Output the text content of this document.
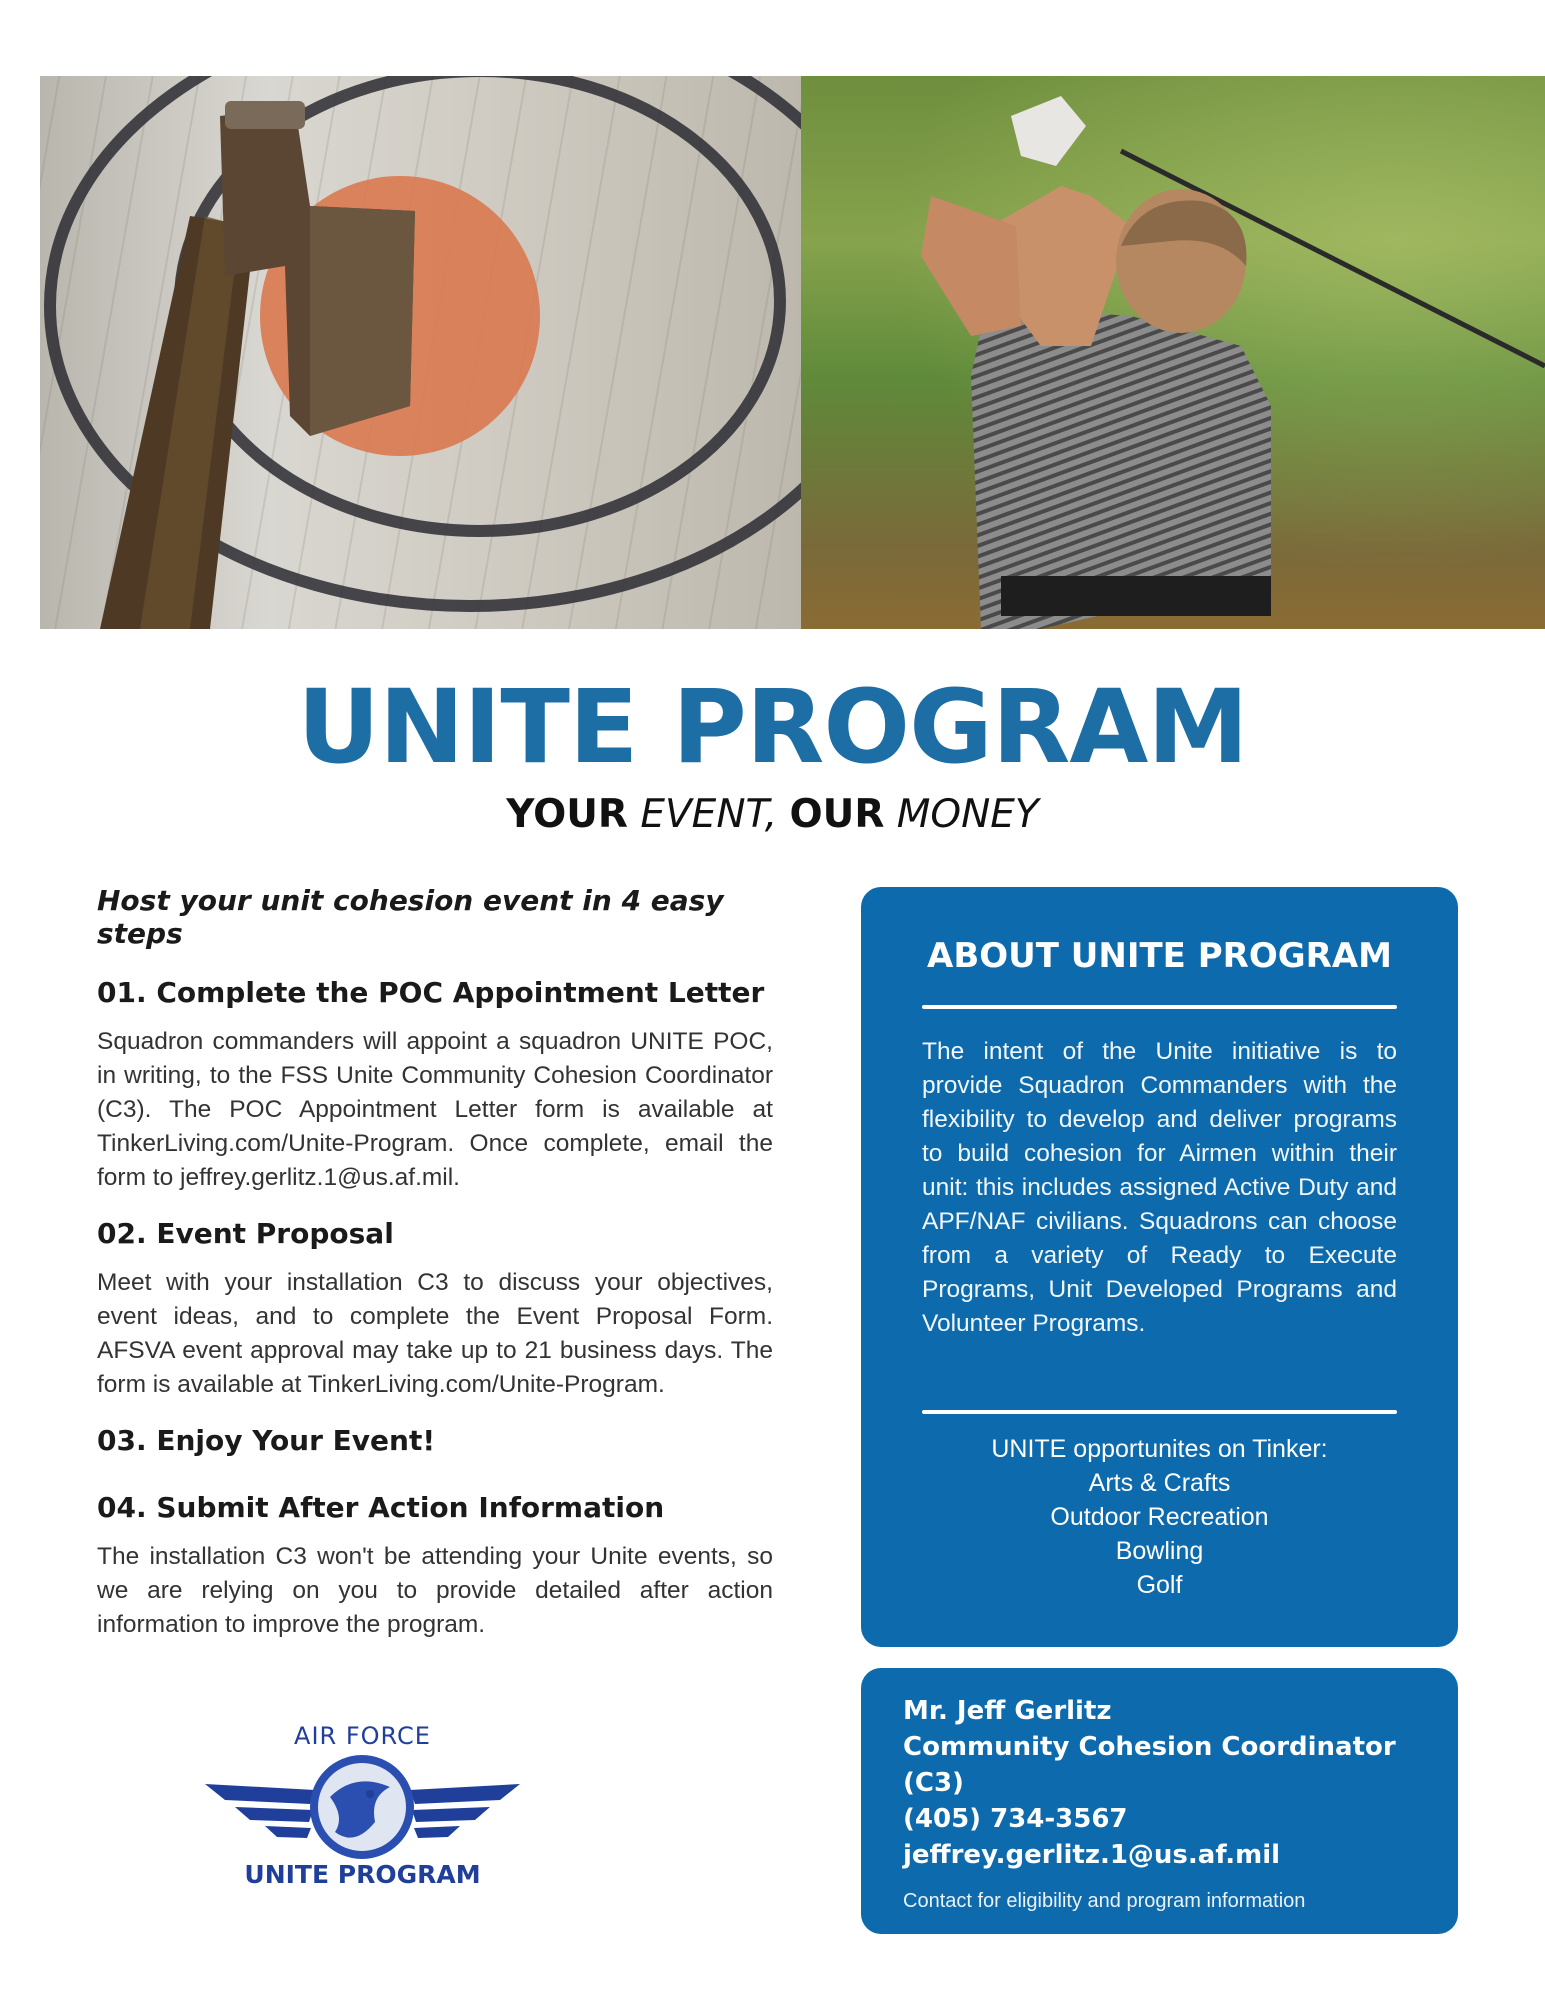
UNITE PROGRAM
YOUR EVENT, OUR MONEY
Host your unit cohesion event in 4 easy steps
01. Complete the POC Appointment Letter
Squadron commanders will appoint a squadron UNITE POC, in writing, to the FSS Unite Community Cohesion Coordinator (C3). The POC Appointment Letter form is available at TinkerLiving.com/Unite-Program. Once complete, email the form to jeffrey.gerlitz.1@us.af.mil.
02. Event Proposal
Meet with your installation C3 to discuss your objectives, event ideas, and to complete the Event Proposal Form. AFSVA event approval may take up to 21 business days. The form is available at TinkerLiving.com/Unite-Program.
03. Enjoy Your Event!
04. Submit After Action Information
The installation C3 won't be attending your Unite events, so we are relying on you to provide detailed after action information to improve the program.
AIR FORCE
UNITE PROGRAM
ABOUT UNITE PROGRAM
The intent of the Unite initiative is to provide Squadron Commanders with the flexibility to develop and deliver programs to build cohesion for Airmen within their unit: this includes assigned Active Duty and APF/NAF civilians. Squadrons can choose from a variety of Ready to Execute Programs, Unit Developed Programs and Volunteer Programs.
UNITE opportunites on Tinker:
Arts & Crafts
Outdoor Recreation
Bowling
Golf
Mr. Jeff Gerlitz
Community Cohesion Coordinator
(C3)
(405) 734-3567
jeffrey.gerlitz.1@us.af.mil
Contact for eligibility and program information
